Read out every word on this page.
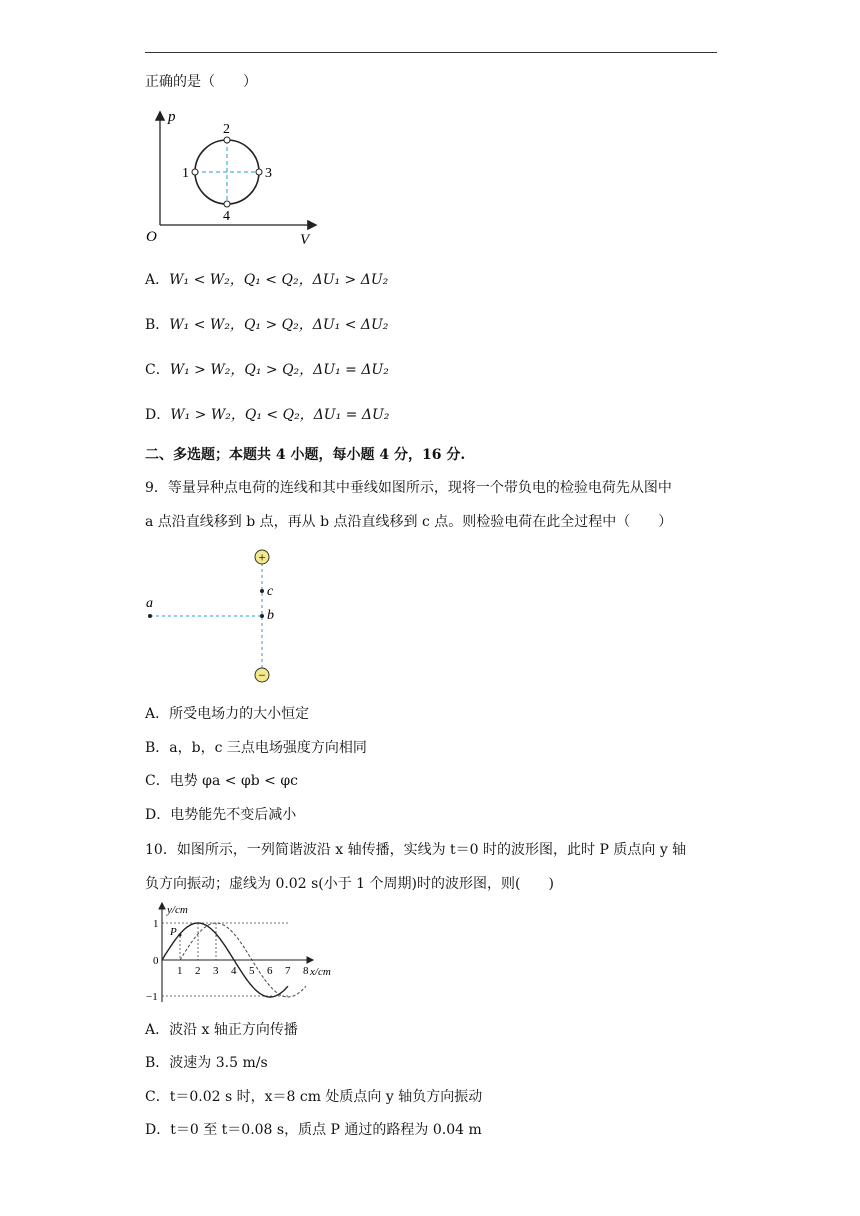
正确的是（　　）
p
V
O
1
2
3
4
A．W₁ < W₂，Q₁ < Q₂，ΔU₁ > ΔU₂
B．W₁ < W₂，Q₁ > Q₂，ΔU₁ < ΔU₂
C．W₁ > W₂，Q₁ > Q₂，ΔU₁ = ΔU₂
D．W₁ > W₂，Q₁ < Q₂，ΔU₁ = ΔU₂
二、多选题；本题共 4 小题，每小题 4 分，16 分.
9．等量异种点电荷的连线和其中垂线如图所示，现将一个带负电的检验电荷先从图中
a 点沿直线移到 b 点，再从 b 点沿直线移到 c 点。则检验电荷在此全过程中（　　）
+
−
a
b
c
A．所受电场力的大小恒定
B．a，b，c 三点电场强度方向相同
C．电势 φa < φb < φc
D．电势能先不变后减小
10．如图所示，一列简谐波沿 x 轴传播，实线为 t＝0 时的波形图，此时 P 质点向 y 轴
负方向振动；虚线为 0.02 s(小于 1 个周期)时的波形图，则(　　)
y/cm
x/cm
1
0
−1
1 2 3 4 5 6 7 8
P
A．波沿 x 轴正方向传播
B．波速为 3.5 m/s
C．t＝0.02 s 时，x＝8 cm 处质点向 y 轴负方向振动
D．t＝0 至 t＝0.08 s，质点 P 通过的路程为 0.04 m
